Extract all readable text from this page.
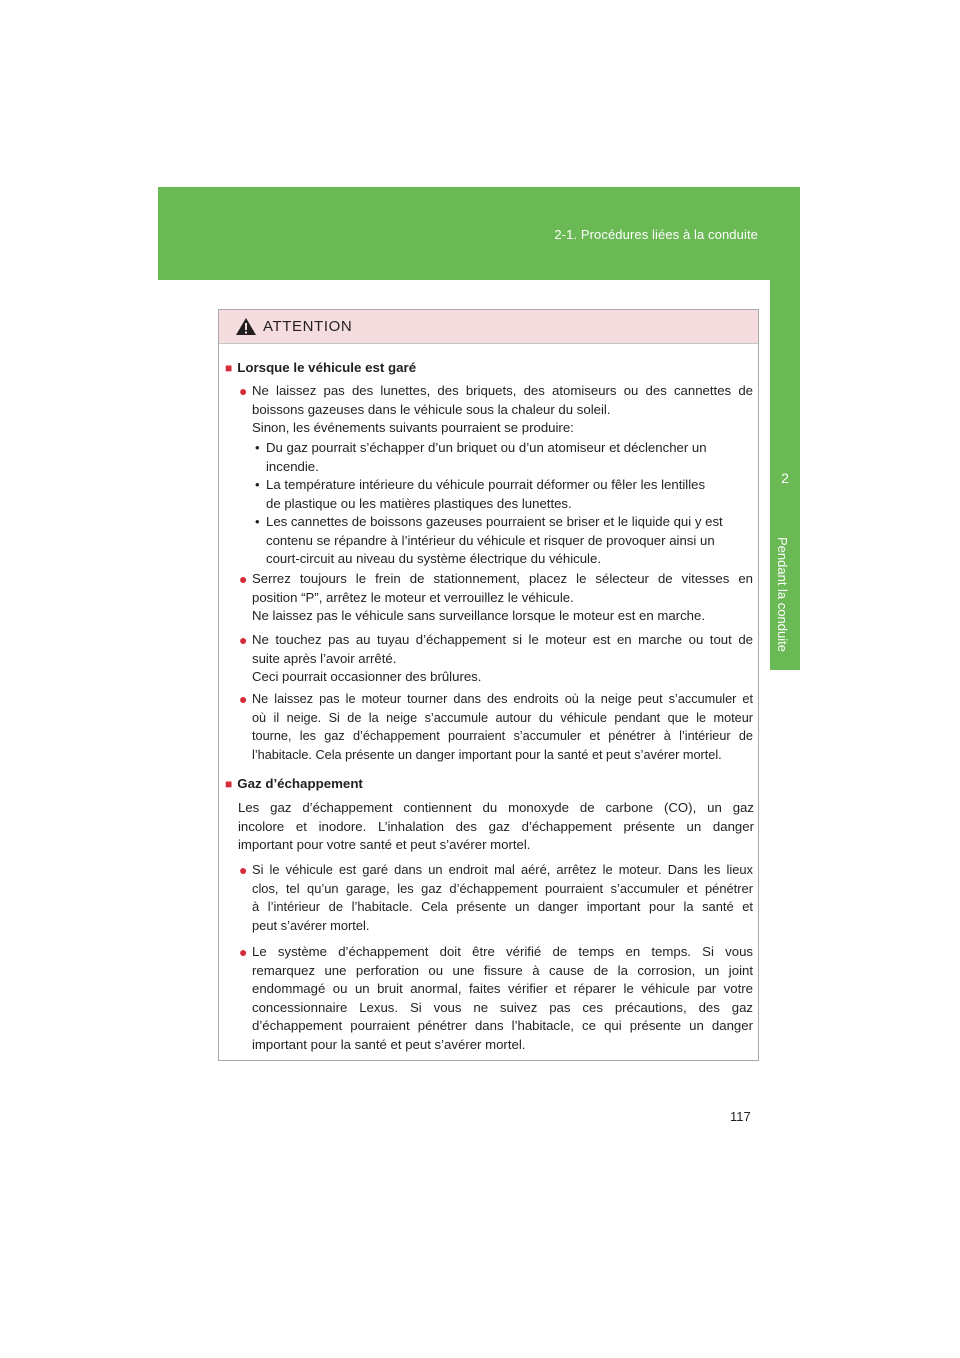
2-1. Procédures liées à la conduite
2
Pendant la conduite
ATTENTION
■ Lorsque le véhicule est garé
● Ne laissez pas des lunettes, des briquets, des atomiseurs ou des cannettes de
boissons gazeuses dans le véhicule sous la chaleur du soleil.
Sinon, les événements suivants pourraient se produire:
• Du gaz pourrait s’échapper d’un briquet ou d’un atomiseur et déclencher un
incendie.
• La température intérieure du véhicule pourrait déformer ou fêler les lentilles
de plastique ou les matières plastiques des lunettes.
• Les cannettes de boissons gazeuses pourraient se briser et le liquide qui y est
contenu se répandre à l’intérieur du véhicule et risquer de provoquer ainsi un
court-circuit au niveau du système électrique du véhicule.
● Serrez toujours le frein de stationnement, placez le sélecteur de vitesses en
position “P”, arrêtez le moteur et verrouillez le véhicule.
Ne laissez pas le véhicule sans surveillance lorsque le moteur est en marche.
● Ne touchez pas au tuyau d’échappement si le moteur est en marche ou tout de
suite après l’avoir arrêté.
Ceci pourrait occasionner des brûlures.
● Ne laissez pas le moteur tourner dans des endroits où la neige peut s’accumuler et
où il neige. Si de la neige s’accumule autour du véhicule pendant que le moteur
tourne, les gaz d’échappement pourraient s’accumuler et pénétrer à l’intérieur de
l’habitacle. Cela présente un danger important pour la santé et peut s’avérer mortel.
■ Gaz d’échappement
Les gaz d’échappement contiennent du monoxyde de carbone (CO), un gaz
incolore et inodore. L’inhalation des gaz d’échappement présente un danger
important pour votre santé et peut s’avérer mortel.
● Si le véhicule est garé dans un endroit mal aéré, arrêtez le moteur. Dans les lieux
clos, tel qu’un garage, les gaz d’échappement pourraient s’accumuler et pénétrer
à l’intérieur de l’habitacle. Cela présente un danger important pour la santé et
peut s’avérer mortel.
● Le système d’échappement doit être vérifié de temps en temps. Si vous
remarquez une perforation ou une fissure à cause de la corrosion, un joint
endommagé ou un bruit anormal, faites vérifier et réparer le véhicule par votre
concessionnaire Lexus. Si vous ne suivez pas ces précautions, des gaz
d’échappement pourraient pénétrer dans l’habitacle, ce qui présente un danger
important pour la santé et peut s’avérer mortel.
117
